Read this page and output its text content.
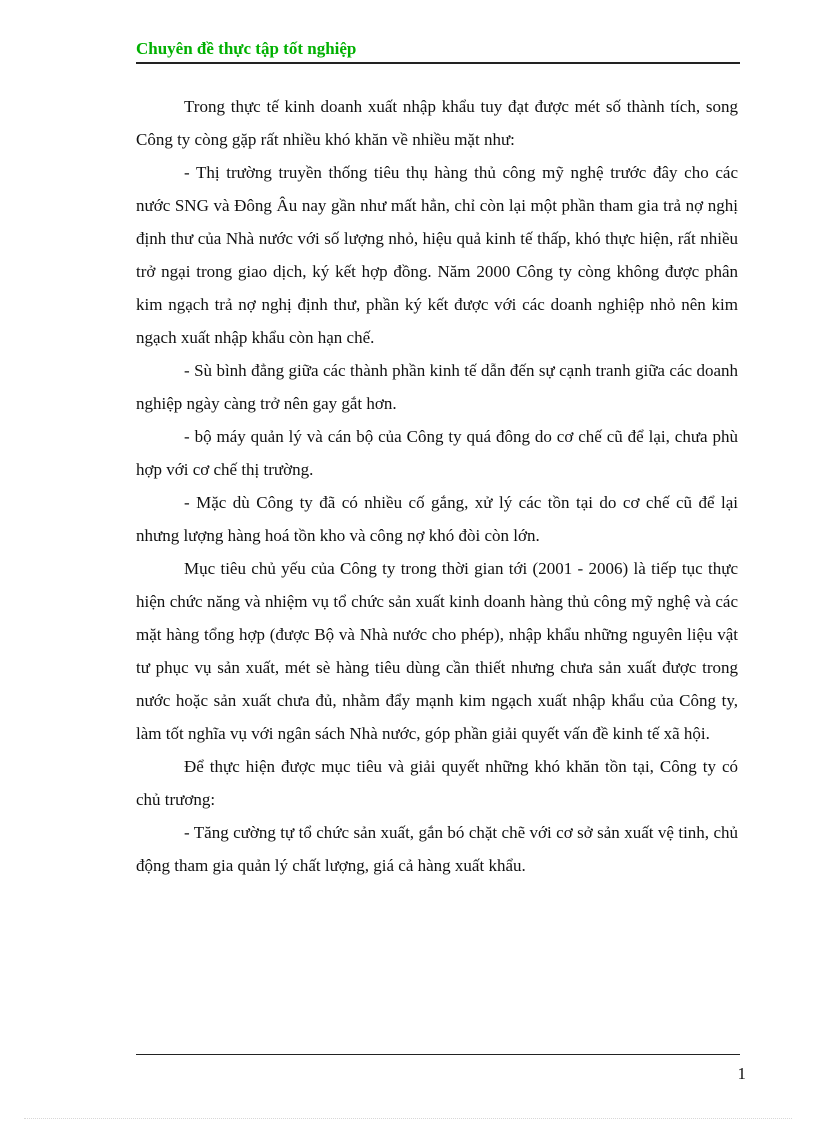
Chuyên đề thực tập tốt nghiệp

Trong thực tế kinh doanh xuất nhập khẩu tuy đạt được mét số thành tích, song Công ty còng gặp rất nhiều khó khăn về nhiều mặt như:

- Thị trường truyền thống tiêu thụ hàng thủ công mỹ nghệ trước đây cho các nước SNG và Đông Âu nay gần như mất hẳn, chỉ còn lại một phần tham gia trả nợ nghị định thư của Nhà nước với số lượng nhỏ, hiệu quả kinh tế thấp, khó thực hiện, rất nhiều trở ngại trong giao dịch, ký kết hợp đồng. Năm 2000 Công ty còng không được phân kim ngạch trả nợ nghị định thư, phần ký kết được với các doanh nghiệp nhỏ nên kim ngạch xuất nhập khẩu còn hạn chế.

- Sù bình đẳng giữa các thành phần kinh tế dẫn đến sự cạnh tranh giữa các doanh nghiệp ngày càng trở nên gay gắt hơn.

- bộ máy quản lý và cán bộ của Công ty quá đông do cơ chế cũ để lại, chưa phù hợp với cơ chế thị trường.

- Mặc dù Công ty đã có nhiều cố gắng, xử lý các tồn tại do cơ chế cũ để lại nhưng lượng hàng hoá tồn kho và công nợ khó đòi còn lớn.

Mục tiêu chủ yếu của Công ty trong thời gian tới (2001 - 2006) là tiếp tục thực hiện chức năng và nhiệm vụ tổ chức sản xuất kinh doanh hàng thủ công mỹ nghệ và các mặt hàng tổng hợp (được Bộ và Nhà nước cho phép), nhập khẩu những nguyên liệu vật tư phục vụ sản xuất, mét sè hàng tiêu dùng cần thiết nhưng chưa sản xuất được trong nước hoặc sản xuất chưa đủ, nhằm đẩy mạnh kim ngạch xuất nhập khẩu của Công ty, làm tốt nghĩa vụ với ngân sách Nhà nước, góp phần giải quyết vấn đề kinh tế xã hội.

Để thực hiện được mục tiêu và giải quyết những khó khăn tồn tại, Công ty có chủ trương:

- Tăng cường tự tổ chức sản xuất, gắn bó chặt chẽ với cơ sở sản xuất vệ tinh, chủ động tham gia quản lý chất lượng, giá cả hàng xuất khẩu.

1
